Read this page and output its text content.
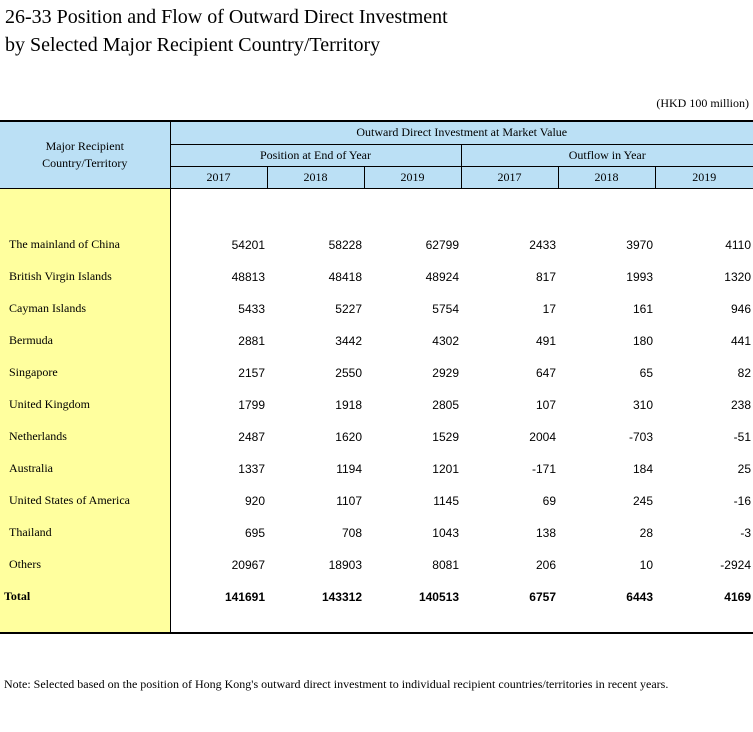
26-33 Position and Flow of Outward Direct Investment
by Selected Major Recipient Country/Territory
(HKD 100 million)
Major Recipient
Country/Territory	Outward Direct Investment at Market Value					
	Position at End of Year			Outflow in Year		
	2017	2018	2019	2017	2018	2019

The mainland of China	54201	58228	62799	2433	3970	4110
British Virgin Islands	48813	48418	48924	817	1993	1320
Cayman Islands	5433	5227	5754	17	161	946
Bermuda	2881	3442	4302	491	180	441
Singapore	2157	2550	2929	647	65	82
United Kingdom	1799	1918	2805	107	310	238
Netherlands	2487	1620	1529	2004	-703	-51
Australia	1337	1194	1201	-171	184	25
United States of America	920	1107	1145	69	245	-16
Thailand	695	708	1043	138	28	-3
Others	20967	18903	8081	206	10	-2924
Total	141691	143312	140513	6757	6443	4169

Note: Selected based on the position of Hong Kong's outward direct investment to individual recipient countries/territories in recent years.
